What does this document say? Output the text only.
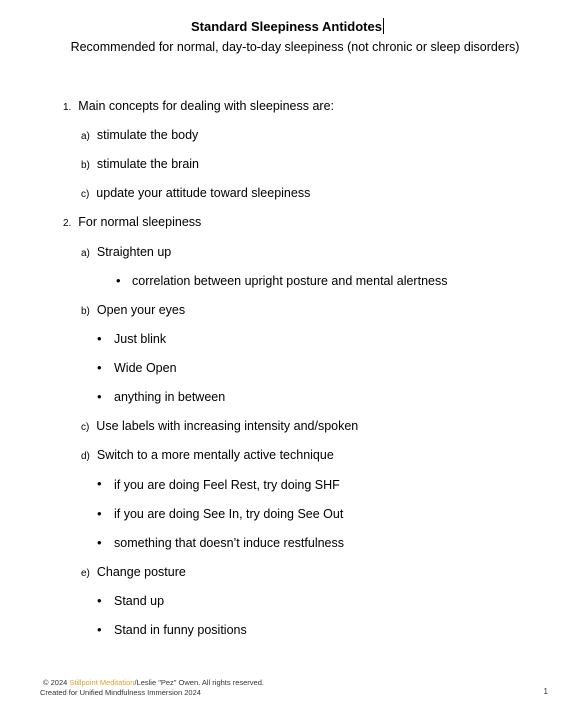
Standard Sleepiness Antidotes
Recommended for normal, day-to-day sleepiness (not chronic or sleep disorders)
1. Main concepts for dealing with sleepiness are:
a) stimulate the body
b) stimulate the brain
c) update your attitude toward sleepiness
2. For normal sleepiness
a) Straighten up
• correlation between upright posture and mental alertness
b) Open your eyes
• Just blink
• Wide Open
• anything in between
c) Use labels with increasing intensity and/spoken
d) Switch to a more mentally active technique
• if you are doing Feel Rest, try doing SHF
• if you are doing See In, try doing See Out
• something that doesn’t induce restfulness
e) Change posture
• Stand up
• Stand in funny positions
© 2024 Stillpoint Meditation/Leslie "Pez" Owen. All rights reserved.
Created for Unified Mindfulness Immersion 2024	1
